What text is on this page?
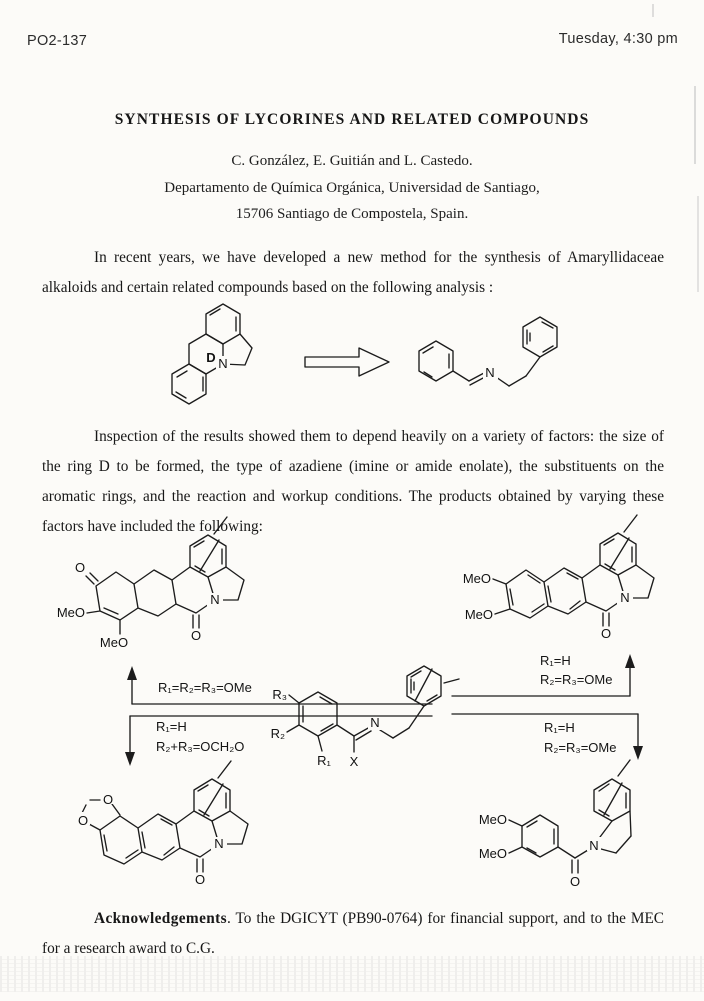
PO2-137	Tuesday, 4:30 pm
SYNTHESIS OF LYCORINES AND RELATED COMPOUNDS
C. González, E. Guitián and L. Castedo.
Departamento de Química Orgánica, Universidad de Santiago,
15706 Santiago de Compostela, Spain.
In recent years, we have developed a new method for the synthesis of Amaryllidaceae alkaloids and certain related compounds based on the following analysis :
N
D
N
Inspection of the results showed them to depend heavily on a variety of factors: the size of the ring D to be formed, the type of azadiene (imine or amide enolate), the substituents on the aromatic rings, and the reaction and workup conditions. The products obtained by varying these factors have included the following:
O
MeO
MeO
N
O
MeO
MeO
N
O
R₃
R₂
R₁ X
N
R₁=R₂=R₃=OMe
R₁=H
R₂+R₃=OCH₂O
R₁=H
R₂=R₃=OMe
R₁=H
R₂=R₃=OMe
O
O
N
O
MeO
MeO
O
N
Acknowledgements. To the DGICYT (PB90-0764) for financial support, and to the MEC for a research award to C.G.
